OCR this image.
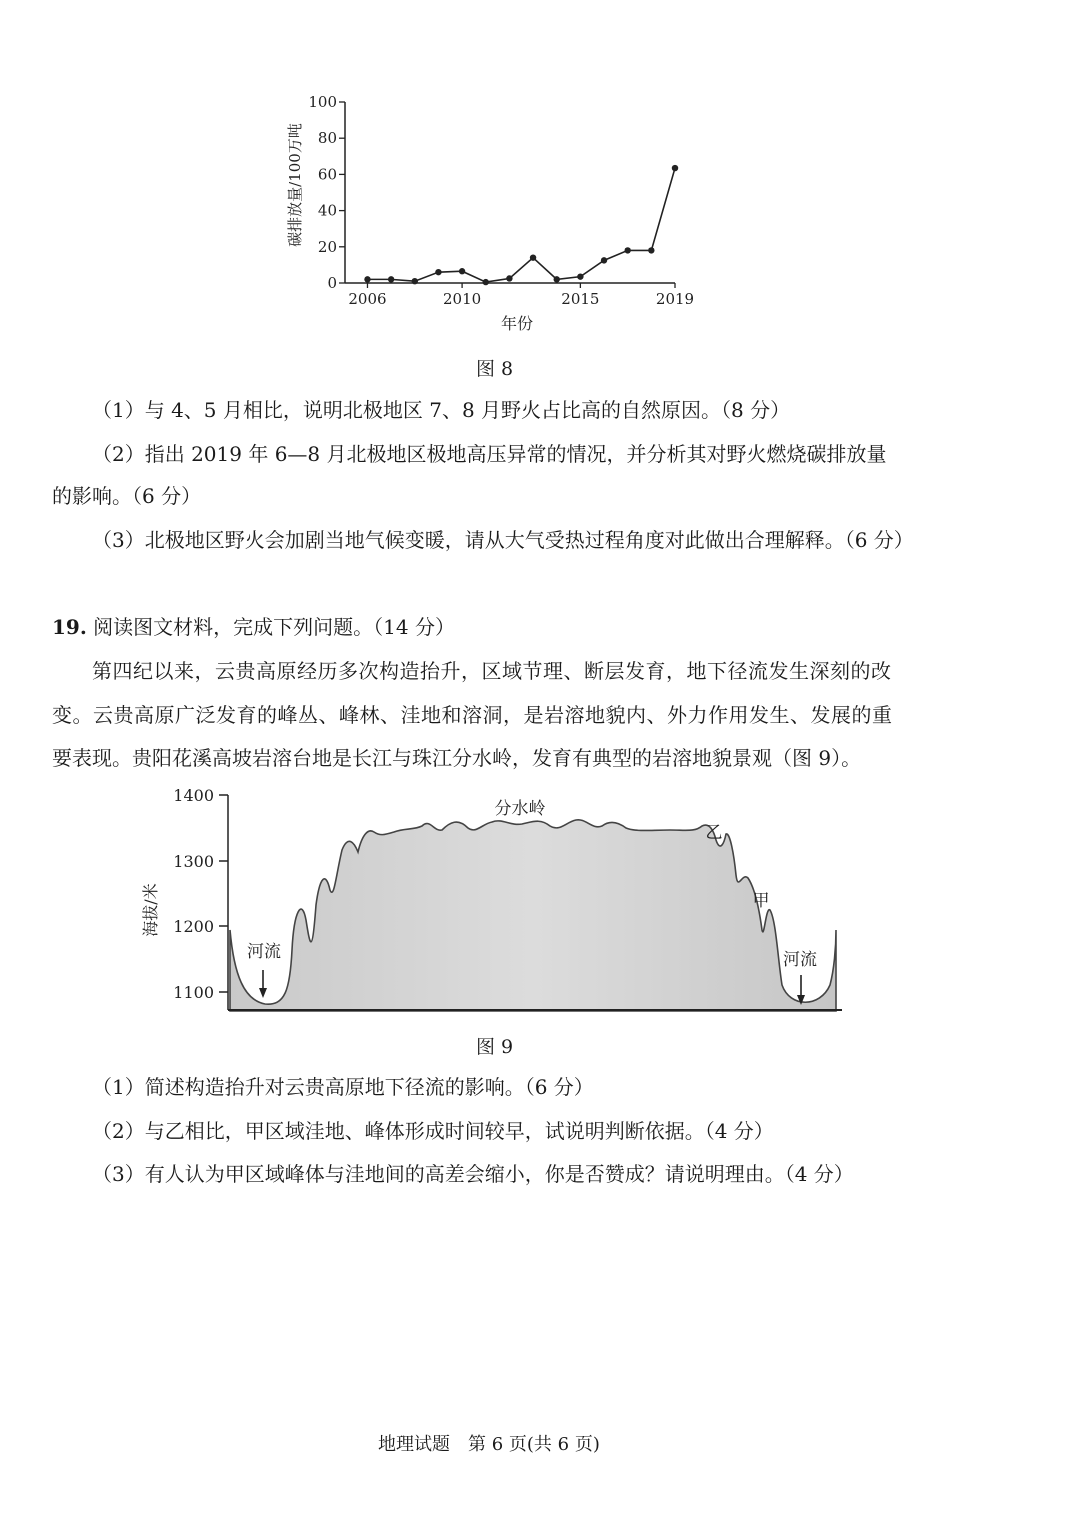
0
20
40
60
80
100
2006	2010	2015	2019
碳排放量/100万吨
年份
图 8
（1）与 4、5 月相比，说明北极地区 7、8 月野火占比高的自然原因。（8 分）
（2）指出 2019 年 6—8 月北极地区极地高压异常的情况，并分析其对野火燃烧碳排放量
的影响。（6 分）
（3）北极地区野火会加剧当地气候变暖，请从大气受热过程角度对此做出合理解释。（6 分）
19. 阅读图文材料，完成下列问题。（14 分）
第四纪以来，云贵高原经历多次构造抬升，区域节理、断层发育，地下径流发生深刻的改
变。云贵高原广泛发育的峰丛、峰林、洼地和溶洞，是岩溶地貌内、外力作用发生、发展的重
要表现。贵阳花溪高坡岩溶台地是长江与珠江分水岭，发育有典型的岩溶地貌景观（图 9）。
1400
1300
1200
1100
海拔/米
分水岭
乙
甲
河流	河流
图 9
（1）简述构造抬升对云贵高原地下径流的影响。（6 分）
（2）与乙相比，甲区域洼地、峰体形成时间较早，试说明判断依据。（4 分）
（3）有人认为甲区域峰体与洼地间的高差会缩小，你是否赞成？请说明理由。（4 分）
地理试题　第 6 页(共 6 页)
